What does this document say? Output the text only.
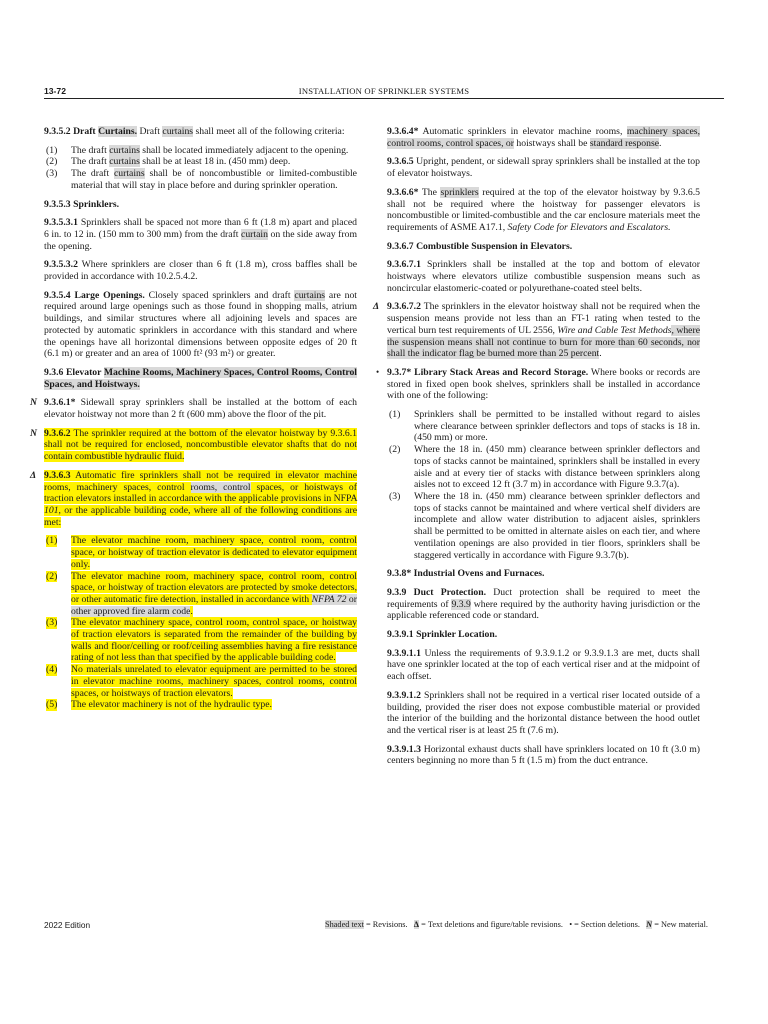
13-72	INSTALLATION OF SPRINKLER SYSTEMS

9.3.5.2 Draft Curtains. Draft curtains shall meet all of the following criteria:

(1) The draft curtains shall be located immediately adjacent to the opening.
(2) The draft curtains shall be at least 18 in. (450 mm) deep.
(3) The draft curtains shall be of noncombustible or limited-combustible material that will stay in place before and during sprinkler operation.

9.3.5.3 Sprinklers.

9.3.5.3.1 Sprinklers shall be spaced not more than 6 ft (1.8 m) apart and placed 6 in. to 12 in. (150 mm to 300 mm) from the draft curtain on the side away from the opening.

9.3.5.3.2 Where sprinklers are closer than 6 ft (1.8 m), cross baffles shall be provided in accordance with 10.2.5.4.2.

9.3.5.4 Large Openings. Closely spaced sprinklers and draft curtains are not required around large openings such as those found in shopping malls, atrium buildings, and similar structures where all adjoining levels and spaces are protected by automatic sprinklers in accordance with this standard and where the openings have all horizontal dimensions between opposite edges of 20 ft (6.1 m) or greater and an area of 1000 ft² (93 m²) or greater.

9.3.6 Elevator Machine Rooms, Machinery Spaces, Control Rooms, Control Spaces, and Hoistways.

N 9.3.6.1* Sidewall spray sprinklers shall be installed at the bottom of each elevator hoistway not more than 2 ft (600 mm) above the floor of the pit.

N 9.3.6.2 The sprinkler required at the bottom of the elevator hoistway by 9.3.6.1 shall not be required for enclosed, noncombustible elevator shafts that do not contain combustible hydraulic fluid.

Δ 9.3.6.3 Automatic fire sprinklers shall not be required in elevator machine rooms, machinery spaces, control rooms, control spaces, or hoistways of traction elevators installed in accordance with the applicable provisions in NFPA 101, or the applicable building code, where all of the following conditions are met:

(1) The elevator machine room, machinery space, control room, control space, or hoistway of traction elevator is dedicated to elevator equipment only.
(2) The elevator machine room, machinery space, control room, control space, or hoistway of traction elevators are protected by smoke detectors, or other automatic fire detection, installed in accordance with NFPA 72 or other approved fire alarm code.
(3) The elevator machinery space, control room, control space, or hoistway of traction elevators is separated from the remainder of the building by walls and floor/ceiling or roof/ceiling assemblies having a fire resistance rating of not less than that specified by the applicable building code.
(4) No materials unrelated to elevator equipment are permitted to be stored in elevator machine rooms, machinery spaces, control rooms, control spaces, or hoistways of traction elevators.
(5) The elevator machinery is not of the hydraulic type.

9.3.6.4* Automatic sprinklers in elevator machine rooms, machinery spaces, control rooms, control spaces, or hoistways shall be standard response.

9.3.6.5 Upright, pendent, or sidewall spray sprinklers shall be installed at the top of elevator hoistways.

9.3.6.6* The sprinklers required at the top of the elevator hoistway by 9.3.6.5 shall not be required where the hoistway for passenger elevators is noncombustible or limited-combustible and the car enclosure materials meet the requirements of ASME A17.1, Safety Code for Elevators and Escalators.

9.3.6.7 Combustible Suspension in Elevators.

9.3.6.7.1 Sprinklers shall be installed at the top and bottom of elevator hoistways where elevators utilize combustible suspension means such as noncircular elastomeric-coated or polyurethane-coated steel belts.

Δ 9.3.6.7.2 The sprinklers in the elevator hoistway shall not be required when the suspension means provide not less than an FT-1 rating when tested to the vertical burn test requirements of UL 2556, Wire and Cable Test Methods, where the suspension means shall not continue to burn for more than 60 seconds, nor shall the indicator flag be burned more than 25 percent.

• 9.3.7* Library Stack Areas and Record Storage. Where books or records are stored in fixed open book shelves, sprinklers shall be installed in accordance with one of the following:

(1) Sprinklers shall be permitted to be installed without regard to aisles where clearance between sprinkler deflectors and tops of stacks is 18 in. (450 mm) or more.
(2) Where the 18 in. (450 mm) clearance between sprinkler deflectors and tops of stacks cannot be maintained, sprinklers shall be installed in every aisle and at every tier of stacks with distance between sprinklers along aisles not to exceed 12 ft (3.7 m) in accordance with Figure 9.3.7(a).
(3) Where the 18 in. (450 mm) clearance between sprinkler deflectors and tops of stacks cannot be maintained and where vertical shelf dividers are incomplete and allow water distribution to adjacent aisles, sprinklers shall be permitted to be omitted in alternate aisles on each tier, and where ventilation openings are also provided in tier floors, sprinklers shall be staggered vertically in accordance with Figure 9.3.7(b).

9.3.8* Industrial Ovens and Furnaces.

9.3.9 Duct Protection. Duct protection shall be required to meet the requirements of 9.3.9 where required by the authority having jurisdiction or the applicable referenced code or standard.

9.3.9.1 Sprinkler Location.

9.3.9.1.1 Unless the requirements of 9.3.9.1.2 or 9.3.9.1.3 are met, ducts shall have one sprinkler located at the top of each vertical riser and at the midpoint of each offset.

9.3.9.1.2 Sprinklers shall not be required in a vertical riser located outside of a building, provided the riser does not expose combustible material or provided the interior of the building and the horizontal distance between the hood outlet and the vertical riser is at least 25 ft (7.6 m).

9.3.9.1.3 Horizontal exhaust ducts shall have sprinklers located on 10 ft (3.0 m) centers beginning no more than 5 ft (1.5 m) from the duct entrance.

2022 Edition	Shaded text = Revisions. Δ = Text deletions and figure/table revisions. • = Section deletions. N = New material.
